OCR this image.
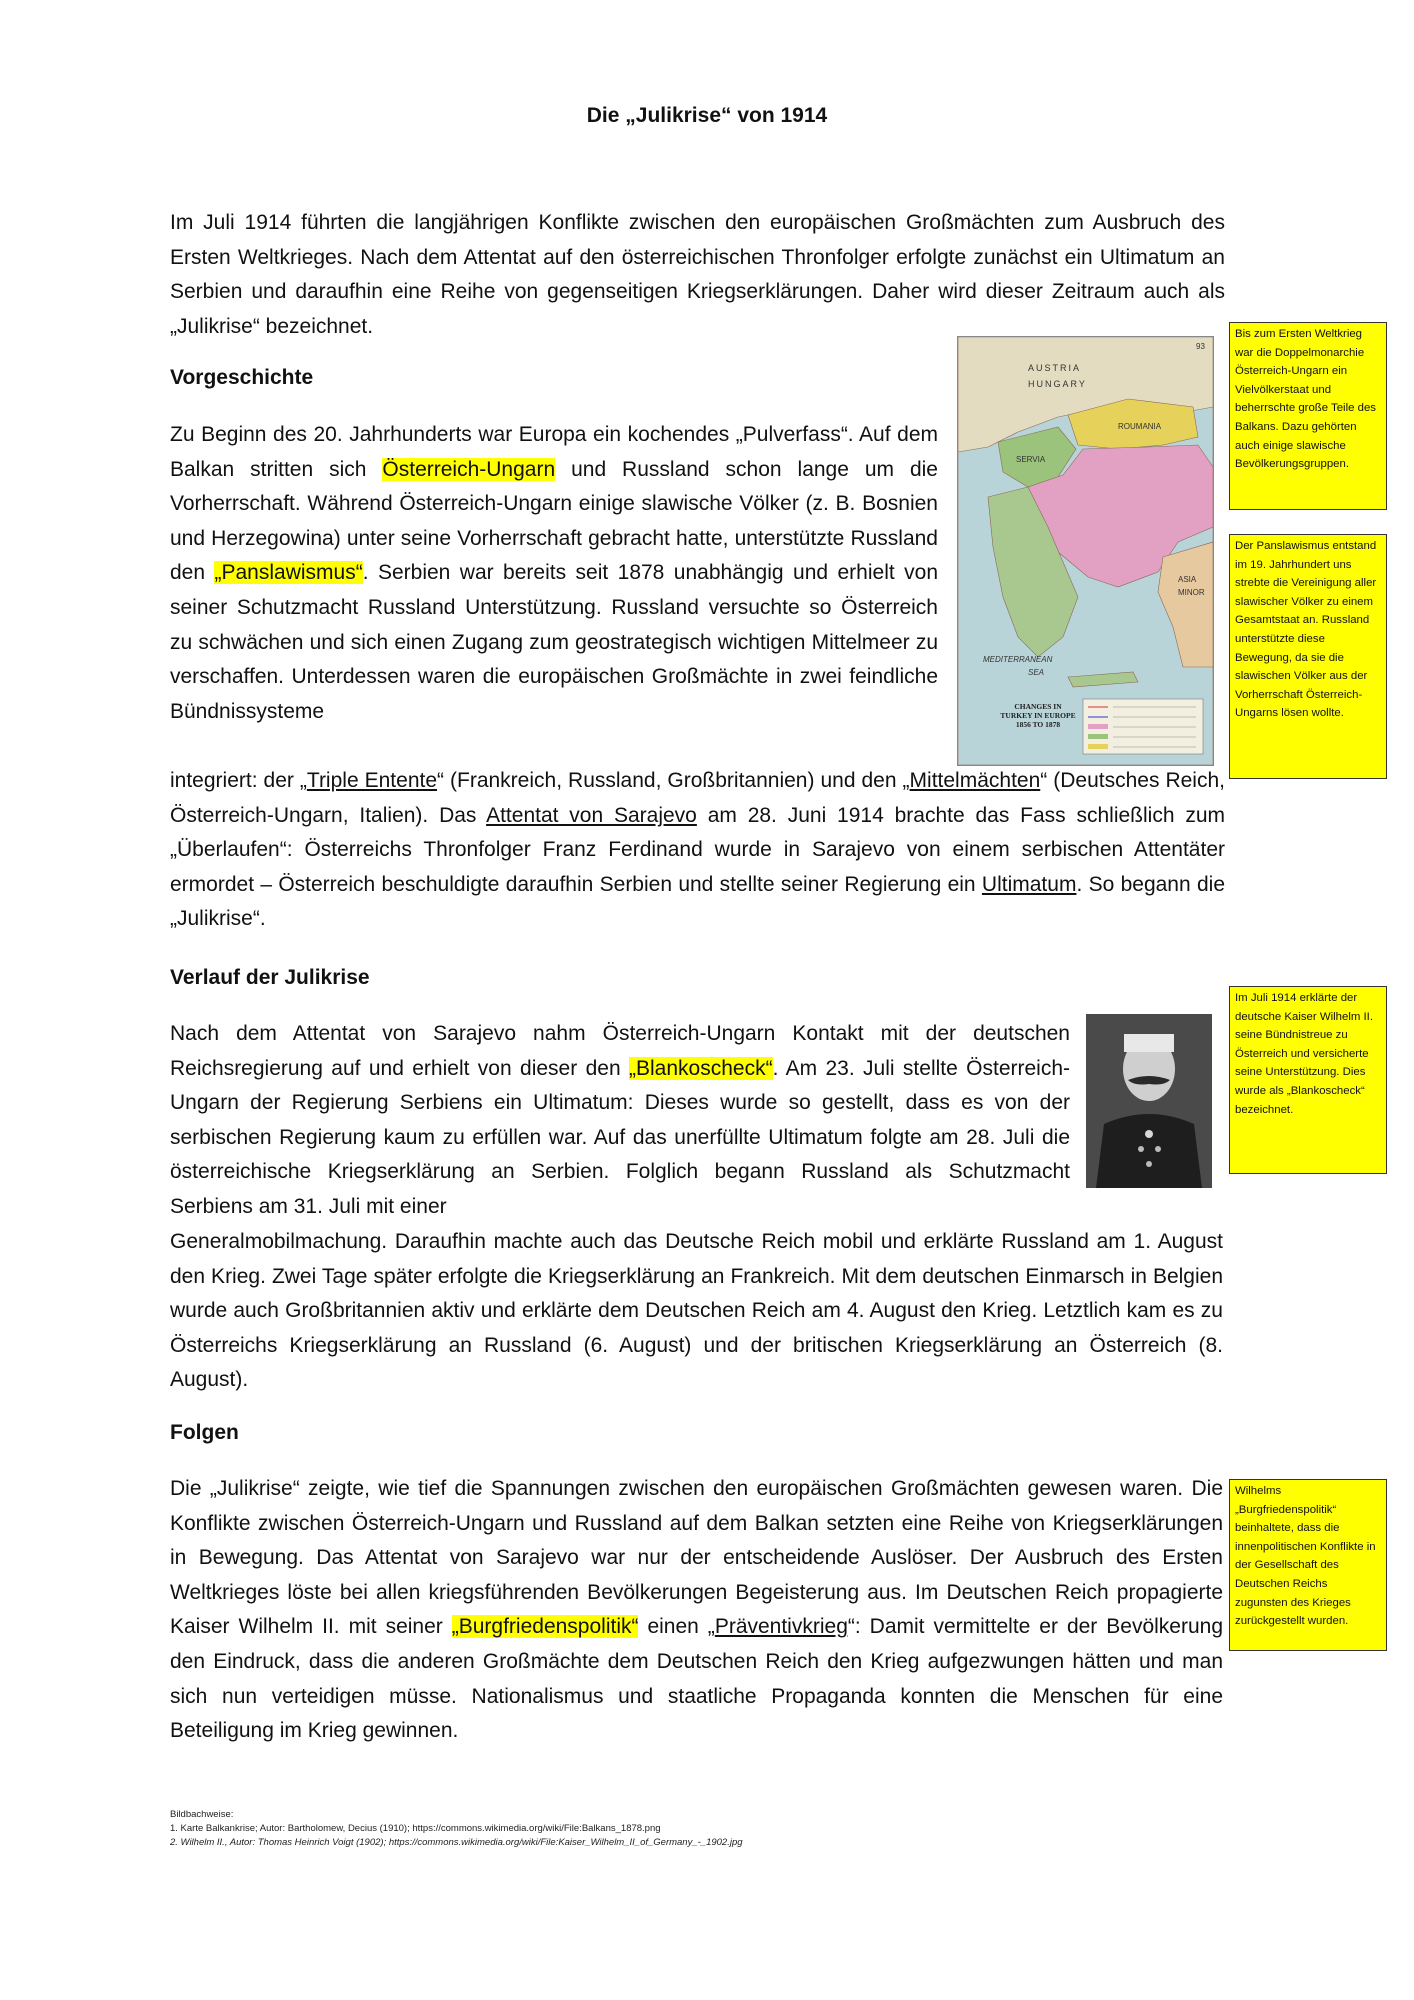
Die „Julikrise“ von 1914

Im Juli 1914 führten die langjährigen Konflikte zwischen den europäischen Großmächten zum Ausbruch des Ersten Weltkrieges. Nach dem Attentat auf den österreichischen Thronfolger erfolgte zunächst ein Ultimatum an Serbien und daraufhin eine Reihe von gegenseitigen Kriegserklärungen. Daher wird dieser Zeitraum auch als „Julikrise“ bezeichnet.

Vorgeschichte

Zu Beginn des 20. Jahrhunderts war Europa ein kochendes „Pulverfass“. Auf dem Balkan stritten sich Österreich-Ungarn und Russland schon lange um die Vorherrschaft. Während Österreich-Ungarn einige slawische Völker (z. B. Bosnien und Herzegowina) unter seine Vorherrschaft gebracht hatte, unterstützte Russland den „Panslawismus“. Serbien war bereits seit 1878 unabhängig und erhielt von seiner Schutzmacht Russland Unterstützung. Russland versuchte so Österreich zu schwächen und sich einen Zugang zum geostrategisch wichtigen Mittelmeer zu verschaffen. Unterdessen waren die europäischen Großmächte in zwei feindliche Bündnissysteme

integriert: der „Triple Entente“ (Frankreich, Russland, Großbritannien) und den „Mittelmächten“ (Deutsches Reich, Österreich-Ungarn, Italien). Das Attentat von Sarajevo am 28. Juni 1914 brachte das Fass schließlich zum „Überlaufen“: Österreichs Thronfolger Franz Ferdinand wurde in Sarajevo von einem serbischen Attentäter ermordet – Österreich beschuldigte daraufhin Serbien und stellte seiner Regierung ein Ultimatum. So begann die „Julikrise“.

Verlauf der Julikrise

Nach dem Attentat von Sarajevo nahm Österreich-Ungarn Kontakt mit der deutschen Reichsregierung auf und erhielt von dieser den „Blankoscheck“. Am 23. Juli stellte Österreich-Ungarn der Regierung Serbiens ein Ultimatum: Dieses wurde so gestellt, dass es von der serbischen Regierung kaum zu erfüllen war. Auf das unerfüllte Ultimatum folgte am 28. Juli die österreichische Kriegserklärung an Serbien. Folglich begann Russland als Schutzmacht Serbiens am 31. Juli mit einer

Generalmobilmachung. Daraufhin machte auch das Deutsche Reich mobil und erklärte Russland am 1. August den Krieg. Zwei Tage später erfolgte die Kriegserklärung an Frankreich. Mit dem deutschen Einmarsch in Belgien wurde auch Großbritannien aktiv und erklärte dem Deutschen Reich am 4. August den Krieg. Letztlich kam es zu Österreichs Kriegserklärung an Russland (6. August) und der britischen Kriegserklärung an Österreich (8. August).

Folgen

Die „Julikrise“ zeigte, wie tief die Spannungen zwischen den europäischen Großmächten gewesen waren. Die Konflikte zwischen Österreich-Ungarn und Russland auf dem Balkan setzten eine Reihe von Kriegserklärungen in Bewegung. Das Attentat von Sarajevo war nur der entscheidende Auslöser. Der Ausbruch des Ersten Weltkrieges löste bei allen kriegsführenden Bevölkerungen Begeisterung aus. Im Deutschen Reich propagierte Kaiser Wilhelm II. mit seiner „Burgfriedenspolitik“ einen „Präventivkrieg“: Damit vermittelte er der Bevölkerung den Eindruck, dass die anderen Großmächte dem Deutschen Reich den Krieg aufgezwungen hätten und man sich nun verteidigen müsse. Nationalismus und staatliche Propaganda konnten die Menschen für eine Beteiligung im Krieg gewinnen.

Bis zum Ersten Weltkrieg war die Doppelmonarchie Österreich-Ungarn ein Vielvölkerstaat und beherrschte große Teile des Balkans. Dazu gehörten auch einige slawische Bevölkerungsgruppen.
Der Panslawismus entstand im 19. Jahrhundert uns strebte die Vereinigung aller slawischer Völker zu einem Gesamtstaat an. Russland unterstützte diese Bewegung, da sie die slawischen Völker aus der Vorherrschaft Österreich-Ungarns lösen wollte.
Im Juli 1914 erklärte der deutsche Kaiser Wilhelm II. seine Bündnistreue zu Österreich und versicherte seine Unterstützung. Dies wurde als „Blankoscheck“ bezeichnet.
Wilhelms „Burgfriedenspolitik“ beinhaltete, dass die innenpolitischen Konflikte in der Gesellschaft des Deutschen Reichs zugunsten des Krieges zurückgestellt wurden.
93
AUSTRIA
HUNGARY
ROUMANIA
SERVIA
ASIA
MINOR
MEDITERRANEAN
SEA
CHANGES IN TURKEY IN EUROPE 1856 TO 1878
Bildbachweise:
1. Karte Balkankrise; Autor: Bartholomew, Decius (1910); https://commons.wikimedia.org/wiki/File:Balkans_1878.png
2. Wilhelm II., Autor: Thomas Heinrich Voigt (1902); https://commons.wikimedia.org/wiki/File:Kaiser_Wilhelm_II_of_Germany_-_1902.jpg
